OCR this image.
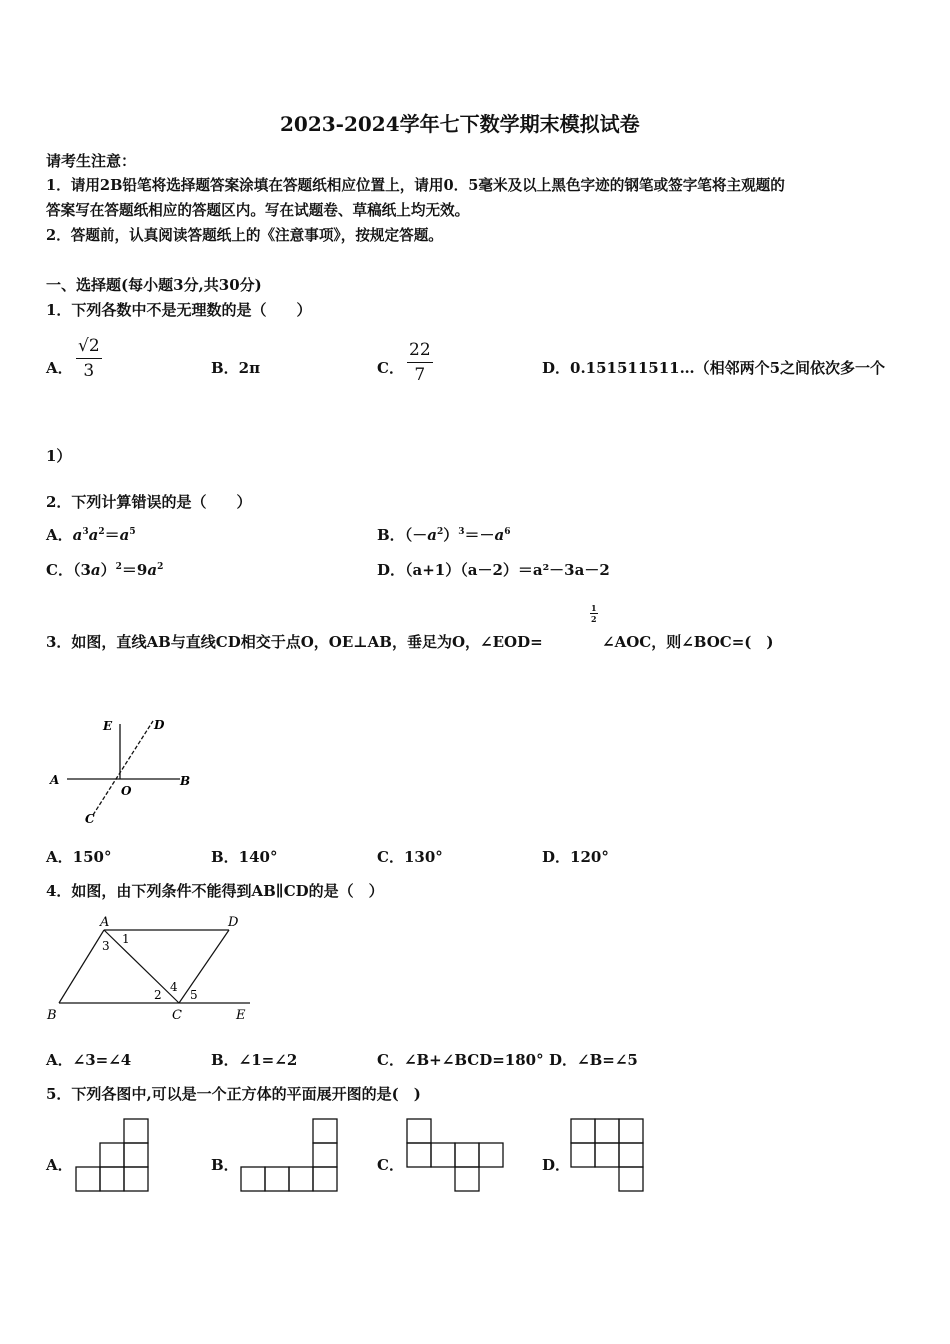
2023-2024学年七下数学期末模拟试卷
请考生注意：
1．请用2B铅笔将选择题答案涂填在答题纸相应位置上，请用0．5毫米及以上黑色字迹的钢笔或签字笔将主观题的
答案写在答题纸相应的答题区内。写在试题卷、草稿纸上均无效。
2．答题前，认真阅读答题纸上的《注意事项》，按规定答题。
一、选择题(每小题3分,共30分)
1．下列各数中不是无理数的是（　　）
A． $\frac{√2}{3}$	B．2π	C． $\frac{22}{7}$	D．0.151511511…（相邻两个5之间依次多一个
1）
2．下列计算错误的是（　　）
A．$a^3a^2=a^5$	B．$(-a^2)^3=-a^6$
C．$(3a)^2=9a^2$	D．（a+1）（a－2）＝a²－3a－2
3．如图，直线AB与直线CD相交于点O，OE⊥AB，垂足为O，∠EOD=
$\frac{1}{2}$
∠AOC，则∠BOC=(　)
E	D
A
O
B
C
A．150°	B．140°	C．130°	D．120°
4．如图，由下列条件不能得到AB∥CD的是（　）
A	D
1
3
4
2 5
B	C	E
A．∠3=∠4	B．∠1=∠2	C．∠B+∠BCD=180° D．∠B=∠5
5．下列各图中,可以是一个正方体的平面展开图的是(　)
A．	B．	C．	D．
